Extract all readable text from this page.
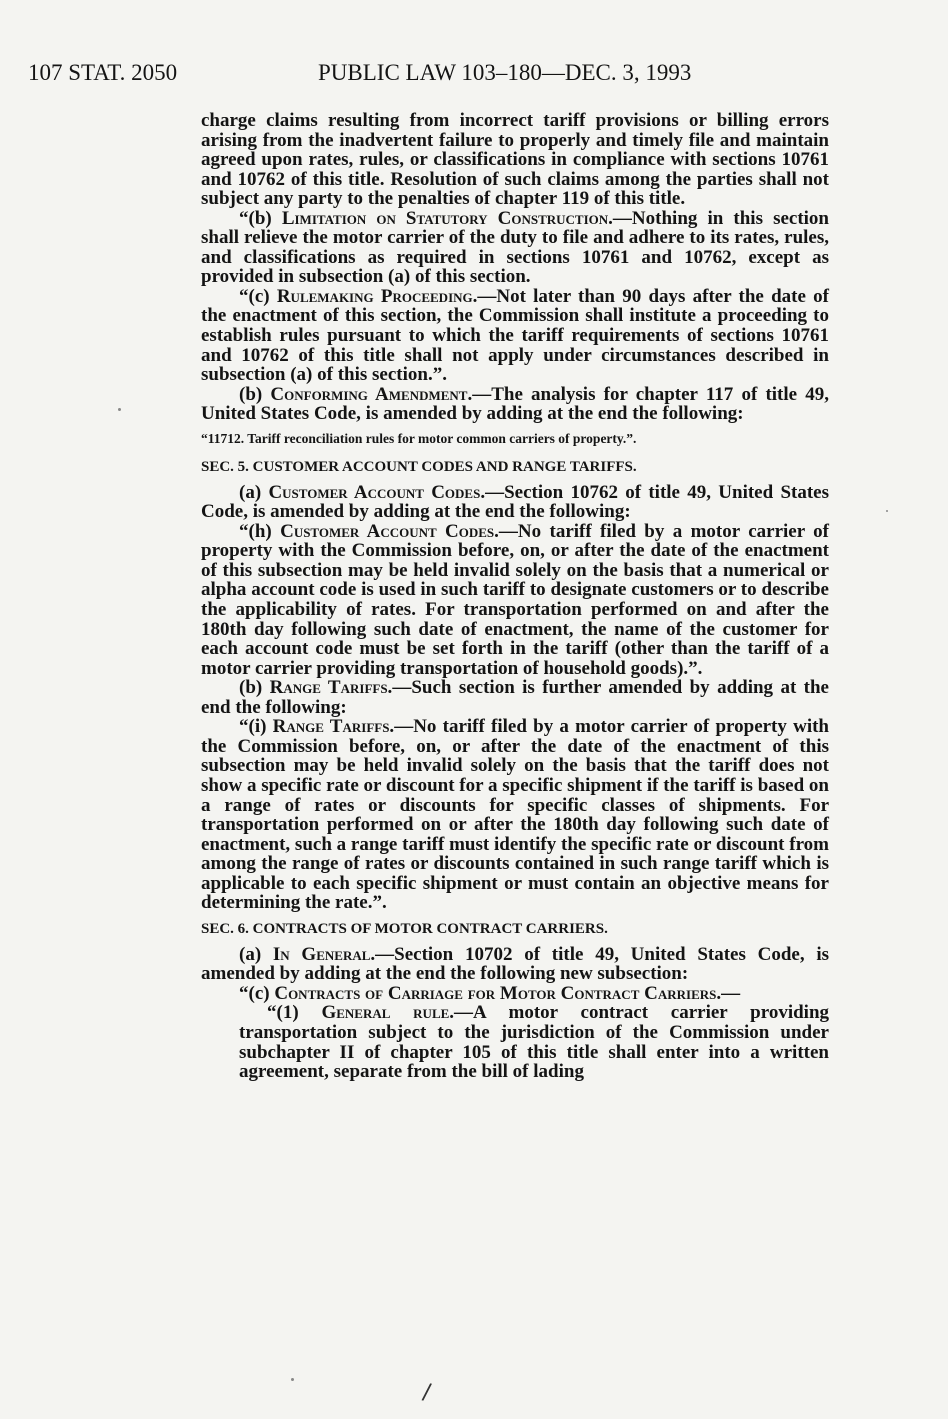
107 STAT. 2050	PUBLIC LAW 103–180—DEC. 3, 1993

charge claims resulting from incorrect tariff provisions or billing errors arising from the inadvertent failure to properly and timely file and maintain agreed upon rates, rules, or classifications in compliance with sections 10761 and 10762 of this title. Resolution of such claims among the parties shall not subject any party to the penalties of chapter 119 of this title.

“(b) Limitation on Statutory Construction.—Nothing in this section shall relieve the motor carrier of the duty to file and adhere to its rates, rules, and classifications as required in sections 10761 and 10762, except as provided in subsection (a) of this section.

“(c) Rulemaking Proceeding.—Not later than 90 days after the date of the enactment of this section, the Commission shall institute a proceeding to establish rules pursuant to which the tariff requirements of sections 10761 and 10762 of this title shall not apply under circumstances described in subsection (a) of this section.”.

(b) Conforming Amendment.—The analysis for chapter 117 of title 49, United States Code, is amended by adding at the end the following:

“11712. Tariff reconciliation rules for motor common carriers of property.”.

SEC. 5. CUSTOMER ACCOUNT CODES AND RANGE TARIFFS.

(a) Customer Account Codes.—Section 10762 of title 49, United States Code, is amended by adding at the end the following:

“(h) Customer Account Codes.—No tariff filed by a motor carrier of property with the Commission before, on, or after the date of the enactment of this subsection may be held invalid solely on the basis that a numerical or alpha account code is used in such tariff to designate customers or to describe the applicability of rates. For transportation performed on and after the 180th day following such date of enactment, the name of the customer for each account code must be set forth in the tariff (other than the tariff of a motor carrier providing transportation of household goods).”.

(b) Range Tariffs.—Such section is further amended by adding at the end the following:

“(i) Range Tariffs.—No tariff filed by a motor carrier of property with the Commission before, on, or after the date of the enactment of this subsection may be held invalid solely on the basis that the tariff does not show a specific rate or discount for a specific shipment if the tariff is based on a range of rates or discounts for specific classes of shipments. For transportation performed on or after the 180th day following such date of enactment, such a range tariff must identify the specific rate or discount from among the range of rates or discounts contained in such range tariff which is applicable to each specific shipment or must contain an objective means for determining the rate.”.

SEC. 6. CONTRACTS OF MOTOR CONTRACT CARRIERS.

(a) In General.—Section 10702 of title 49, United States Code, is amended by adding at the end the following new subsection:

“(c) Contracts of Carriage for Motor Contract Carriers.—

“(1) General rule.—A motor contract carrier providing transportation subject to the jurisdiction of the Commission under subchapter II of chapter 105 of this title shall enter into a written agreement, separate from the bill of lading

/
